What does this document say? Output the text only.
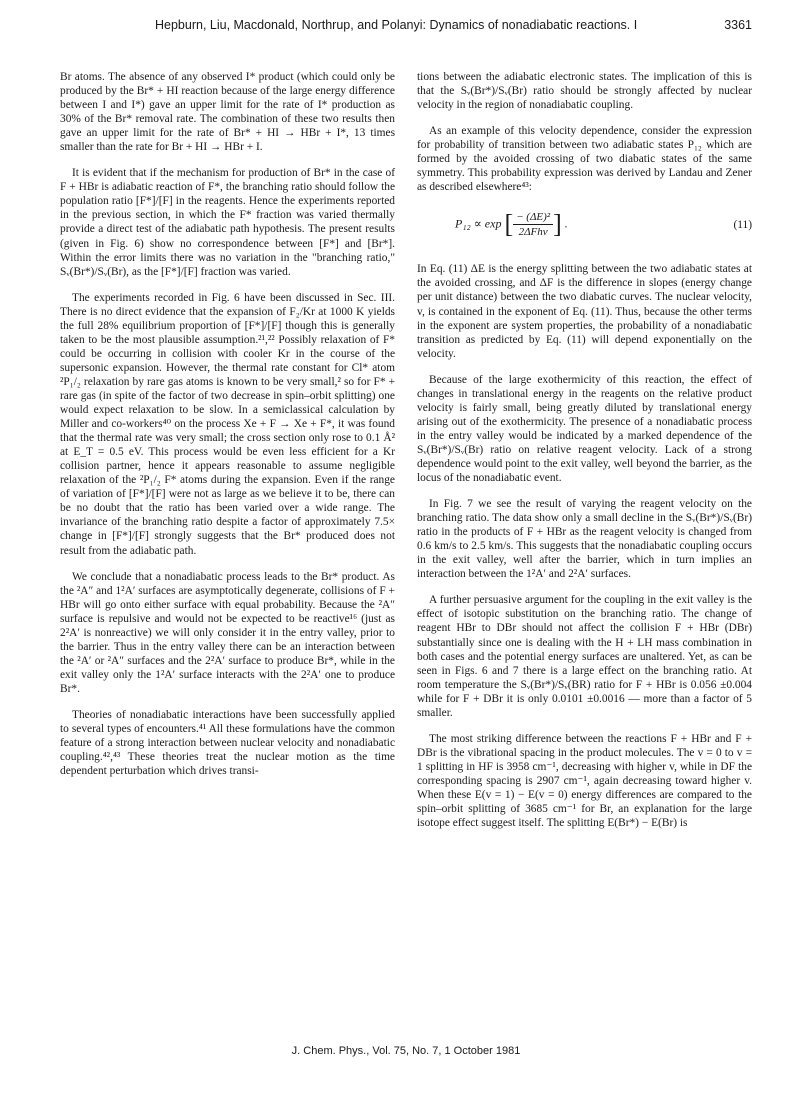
Hepburn, Liu, Macdonald, Northrup, and Polanyi: Dynamics of nonadiabatic reactions. I	3361

Br atoms. The absence of any observed I* product (which could only be produced by the Br* + HI reaction because of the large energy difference between I and I*) gave an upper limit for the rate of I* production as 30% of the Br* removal rate. The combination of these two results then gave an upper limit for the rate of Br* + HI → HBr + I*, 13 times smaller than the rate for Br + HI → HBr + I.

It is evident that if the mechanism for production of Br* in the case of F + HBr is adiabatic reaction of F*, the branching ratio should follow the population ratio [F*]/[F] in the reagents. Hence the experiments reported in the previous section, in which the F* fraction was varied thermally provide a direct test of the adiabatic path hypothesis. The present results (given in Fig. 6) show no correspondence between [F*] and [Br*]. Within the error limits there was no variation in the "branching ratio," Sᵥ(Br*)/Sᵥ(Br), as the [F*]/[F] fraction was varied.

The experiments recorded in Fig. 6 have been discussed in Sec. III. There is no direct evidence that the expansion of F₂/Kr at 1000 K yields the full 28% equilibrium proportion of [F*]/[F] though this is generally taken to be the most plausible assumption.²¹,²² Possibly relaxation of F* could be occurring in collision with cooler Kr in the course of the supersonic expansion. However, the thermal rate constant for Cl* atom ²P₁/₂ relaxation by rare gas atoms is known to be very small,² so for F* + rare gas (in spite of the factor of two decrease in spin–orbit splitting) one would expect relaxation to be slow. In a semiclassical calculation by Miller and co-workers⁴⁰ on the process Xe + F → Xe + F*, it was found that the thermal rate was very small; the cross section only rose to 0.1 Å² at E_T = 0.5 eV. This process would be even less efficient for a Kr collision partner, hence it appears reasonable to assume negligible relaxation of the ²P₁/₂ F* atoms during the expansion. Even if the range of variation of [F*]/[F] were not as large as we believe it to be, there can be no doubt that the ratio has been varied over a wide range. The invariance of the branching ratio despite a factor of approximately 7.5× change in [F*]/[F] strongly suggests that the Br* produced does not result from the adiabatic path.

We conclude that a nonadiabatic process leads to the Br* product. As the ²A″ and 1²A′ surfaces are asymptotically degenerate, collisions of F + HBr will go onto either surface with equal probability. Because the ²A″ surface is repulsive and would not be expected to be reactive¹⁶ (just as 2²A′ is nonreactive) we will only consider it in the entry valley, prior to the barrier. Thus in the entry valley there can be an interaction between the ²A′ or ²A″ surfaces and the 2²A′ surface to produce Br*, while in the exit valley only the 1²A′ surface interacts with the 2²A′ one to produce Br*.

Theories of nonadiabatic interactions have been successfully applied to several types of encounters.⁴¹ All these formulations have the common feature of a strong interaction between nuclear velocity and nonadiabatic coupling.⁴²,⁴³ These theories treat the nuclear motion as the time dependent perturbation which drives transi-

tions between the adiabatic electronic states. The implication of this is that the Sᵥ(Br*)/Sᵥ(Br) ratio should be strongly affected by nuclear velocity in the region of nonadiabatic coupling.

As an example of this velocity dependence, consider the expression for probability of transition between two adiabatic states P₁₂ which are formed by the avoided crossing of two diabatic states of the same symmetry. This probability expression was derived by Landau and Zener as described elsewhere⁴³:

P₁₂ ∝ exp [ $\frac{\text{− (ΔE)²}}{\text{2ΔFhv}}$ ] .	(11)

In Eq. (11) ΔE is the energy splitting between the two adiabatic states at the avoided crossing, and ΔF is the difference in slopes (energy change per unit distance) between the two diabatic curves. The nuclear velocity, v, is contained in the exponent of Eq. (11). Thus, because the other terms in the exponent are system properties, the probability of a nonadiabatic transition as predicted by Eq. (11) will depend exponentially on the velocity.

Because of the large exothermicity of this reaction, the effect of changes in translational energy in the reagents on the relative product velocity is fairly small, being greatly diluted by translational energy arising out of the exothermicity. The presence of a nonadiabatic process in the entry valley would be indicated by a marked dependence of the Sᵥ(Br*)/Sᵥ(Br) ratio on relative reagent velocity. Lack of a strong dependence would point to the exit valley, well beyond the barrier, as the locus of the nonadiabatic event.

In Fig. 7 we see the result of varying the reagent velocity on the branching ratio. The data show only a small decline in the Sᵥ(Br*)/Sᵥ(Br) ratio in the products of F + HBr as the reagent velocity is changed from 0.6 km/s to 2.5 km/s. This suggests that the nonadiabatic coupling occurs in the exit valley, well after the barrier, which in turn implies an interaction between the 1²A′ and 2²A′ surfaces.

A further persuasive argument for the coupling in the exit valley is the effect of isotopic substitution on the branching ratio. The change of reagent HBr to DBr should not affect the collision F + HBr (DBr) substantially since one is dealing with the H + LH mass combination in both cases and the potential energy surfaces are unaltered. Yet, as can be seen in Figs. 6 and 7 there is a large effect on the branching ratio. At room temperature the Sᵥ(Br*)/Sᵥ(BR) ratio for F + HBr is 0.056 ±0.004 while for F + DBr it is only 0.0101 ±0.0016 — more than a factor of 5 smaller.

The most striking difference between the reactions F + HBr and F + DBr is the vibrational spacing in the product molecules. The v = 0 to v = 1 splitting in HF is 3958 cm⁻¹, decreasing with higher v, while in DF the corresponding spacing is 2907 cm⁻¹, again decreasing toward higher v. When these E(v = 1) − E(v = 0) energy differences are compared to the spin–orbit splitting of 3685 cm⁻¹ for Br, an explanation for the large isotope effect suggest itself. The splitting E(Br*) − E(Br) is

J. Chem. Phys., Vol. 75, No. 7, 1 October 1981
